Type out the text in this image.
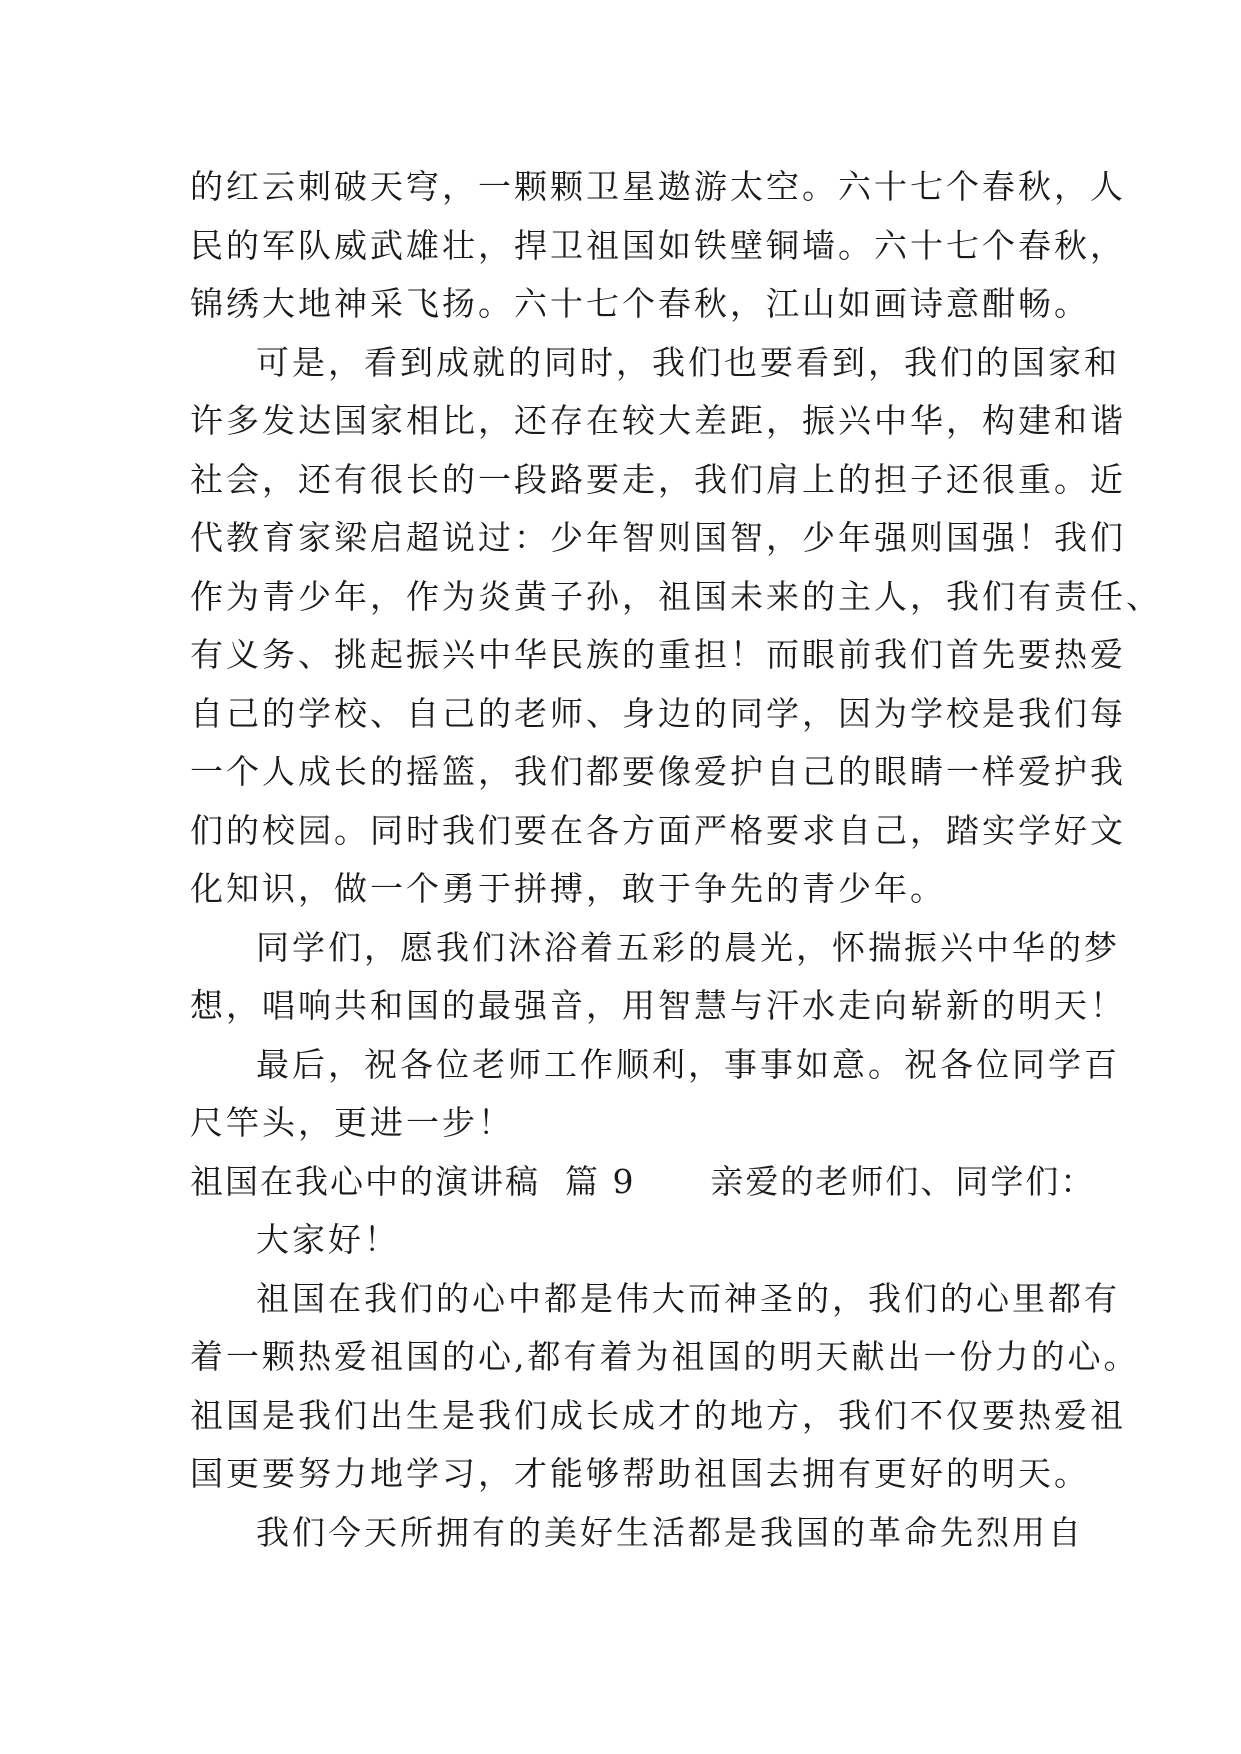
的红云刺破天穹，一颗颗卫星遨游太空。六十七个春秋，人
民的军队威武雄壮，捍卫祖国如铁壁铜墙。六十七个春秋，
锦绣大地神采飞扬。六十七个春秋，江山如画诗意酣畅。
可是，看到成就的同时，我们也要看到，我们的国家和
许多发达国家相比，还存在较大差距，振兴中华，构建和谐
社会，还有很长的一段路要走，我们肩上的担子还很重。近
代教育家梁启超说过：少年智则国智，少年强则国强！我们
作为青少年，作为炎黄子孙，祖国未来的主人，我们有责任、
有义务、挑起振兴中华民族的重担！而眼前我们首先要热爱
自己的学校、自己的老师、身边的同学，因为学校是我们每
一个人成长的摇篮，我们都要像爱护自己的眼睛一样爱护我
们的校园。同时我们要在各方面严格要求自己，踏实学好文
化知识，做一个勇于拼搏，敢于争先的青少年。
同学们，愿我们沐浴着五彩的晨光，怀揣振兴中华的梦
想，唱响共和国的最强音，用智慧与汗水走向崭新的明天！
最后，祝各位老师工作顺利，事事如意。祝各位同学百
尺竿头，更进一步！
祖国在我心中的演讲稿  篇 9      亲爱的老师们、同学们：
大家好！
祖国在我们的心中都是伟大而神圣的，我们的心里都有
着一颗热爱祖国的心,都有着为祖国的明天献出一份力的心。
祖国是我们出生是我们成长成才的地方，我们不仅要热爱祖
国更要努力地学习，才能够帮助祖国去拥有更好的明天。
我们今天所拥有的美好生活都是我国的革命先烈用自
